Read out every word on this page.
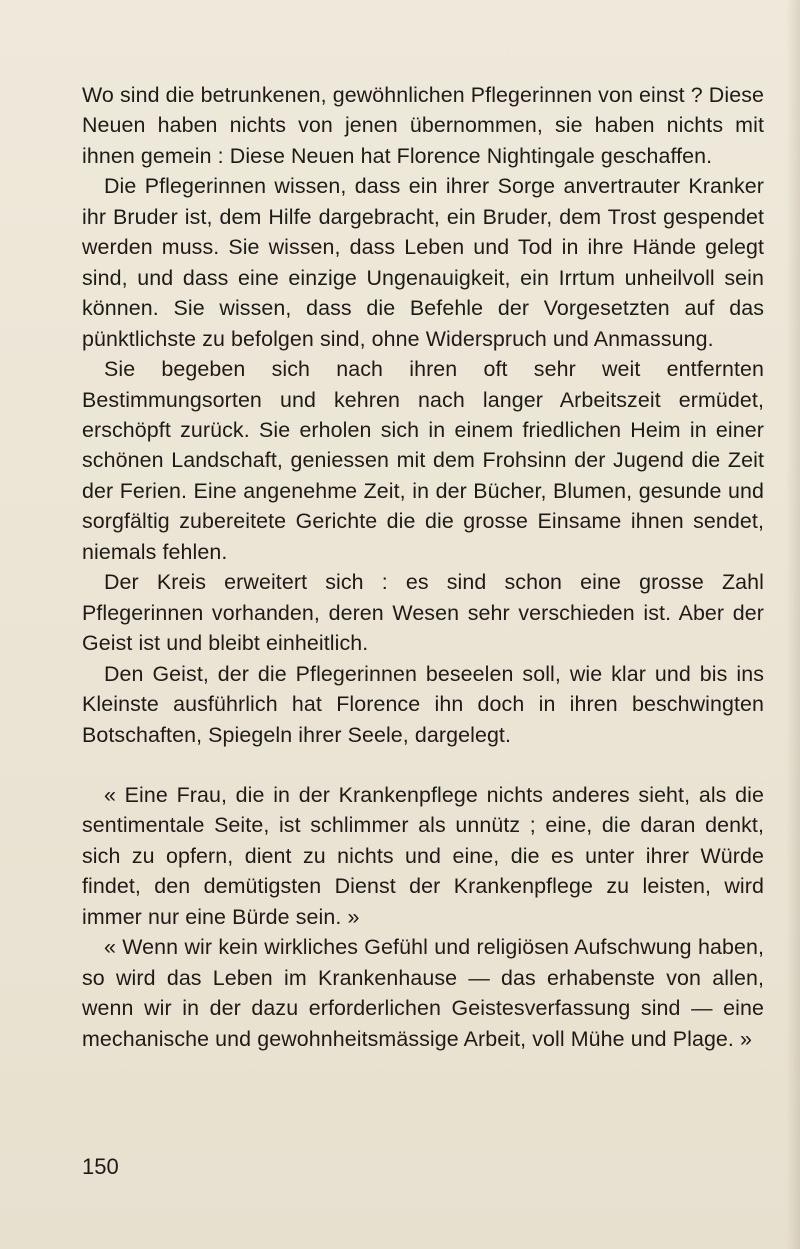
Wo sind die betrunkenen, gewöhnlichen Pflegerinnen von einst ? Diese Neuen haben nichts von jenen übernommen, sie haben nichts mit ihnen gemein : Diese Neuen hat Florence Nightingale geschaffen.

Die Pflegerinnen wissen, dass ein ihrer Sorge anvertrauter Kranker ihr Bruder ist, dem Hilfe dargebracht, ein Bruder, dem Trost gespendet werden muss. Sie wissen, dass Leben und Tod in ihre Hände gelegt sind, und dass eine einzige Ungenauigkeit, ein Irrtum unheilvoll sein können. Sie wissen, dass die Befehle der Vorgesetzten auf das pünktlichste zu befolgen sind, ohne Widerspruch und Anmassung.

Sie begeben sich nach ihren oft sehr weit entfernten Bestimmungsorten und kehren nach langer Arbeitszeit ermüdet, erschöpft zurück. Sie erholen sich in einem friedlichen Heim in einer schönen Landschaft, geniessen mit dem Frohsinn der Jugend die Zeit der Ferien. Eine angenehme Zeit, in der Bücher, Blumen, gesunde und sorgfältig zubereitete Gerichte die die grosse Einsame ihnen sendet, niemals fehlen.

Der Kreis erweitert sich : es sind schon eine grosse Zahl Pflegerinnen vorhanden, deren Wesen sehr verschieden ist. Aber der Geist ist und bleibt einheitlich.

Den Geist, der die Pflegerinnen beseelen soll, wie klar und bis ins Kleinste ausführlich hat Florence ihn doch in ihren beschwingten Botschaften, Spiegeln ihrer Seele, dargelegt.

« Eine Frau, die in der Krankenpflege nichts anderes sieht, als die sentimentale Seite, ist schlimmer als unnütz ; eine, die daran denkt, sich zu opfern, dient zu nichts und eine, die es unter ihrer Würde findet, den demütigsten Dienst der Krankenpflege zu leisten, wird immer nur eine Bürde sein. »

« Wenn wir kein wirkliches Gefühl und religiösen Aufschwung haben, so wird das Leben im Krankenhause — das erhabenste von allen, wenn wir in der dazu erforderlichen Geistesverfassung sind — eine mechanische und gewohnheitsmässige Arbeit, voll Mühe und Plage. »

150
